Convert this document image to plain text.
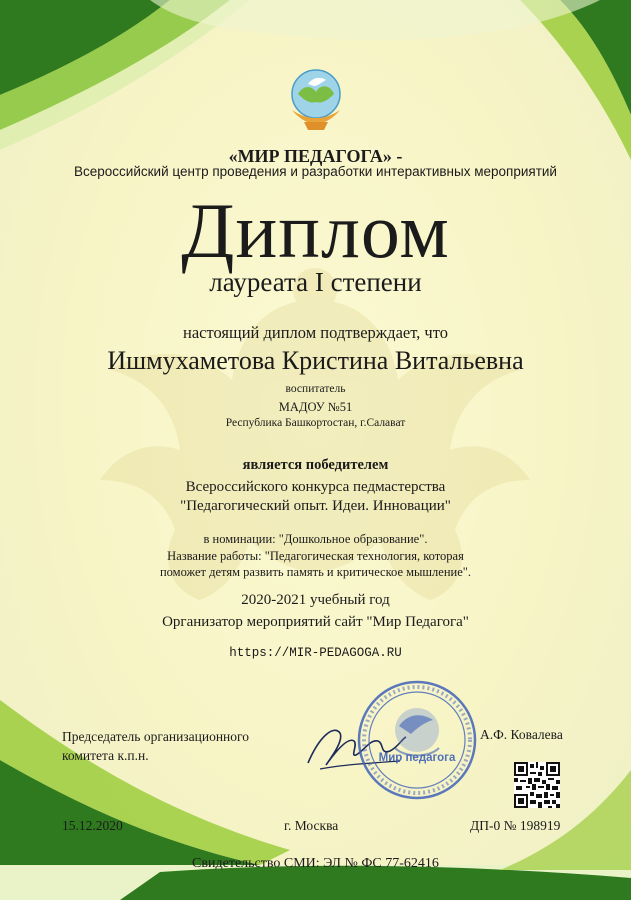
«МИР ПЕДАГОГА» -
Всероссийский центр проведения и разработки интерактивных мероприятий
Диплом
лауреата I степени
настоящий диплом подтверждает, что
Ишмухаметова Кристина Витальевна
воспитатель
МАДОУ №51
Республика Башкортостан, г.Салават
является победителем
Всероссийского конкурса педмастерства
"Педагогический опыт. Идеи. Инновации"
в номинации: "Дошкольное образование".
Название работы: "Педагогическая технология, которая
поможет детям развить память и критическое мышление".
2020-2021 учебный год
Организатор мероприятий сайт "Мир Педагога"
https://MIR-PEDAGOGA.RU
Председатель организационного
комитета к.п.н.
А.Ф. Ковалева
Мир педагога
15.12.2020	г. Москва	ДП-0 № 198919
Свидетельство СМИ: ЭЛ № ФС 77-62416
